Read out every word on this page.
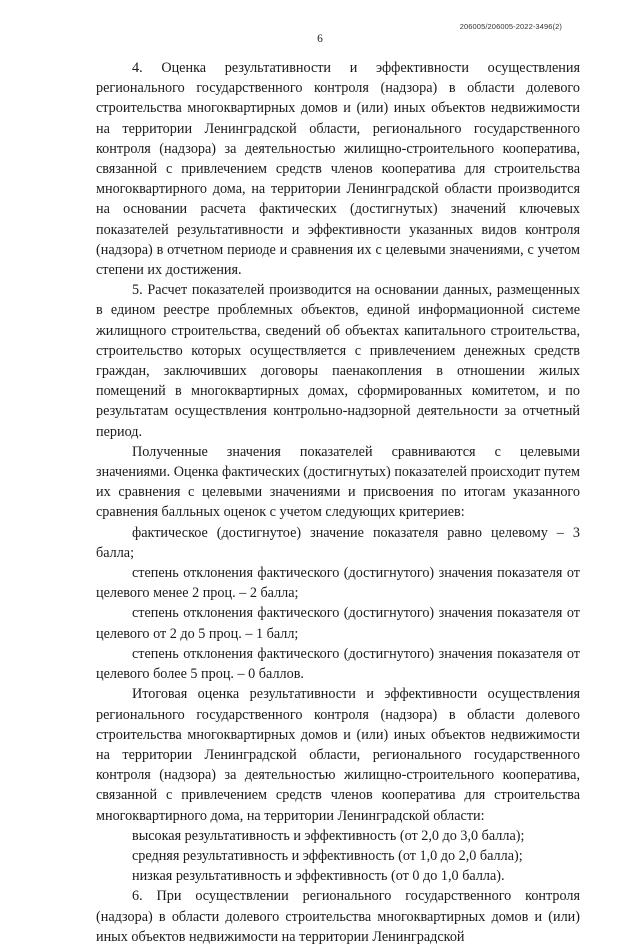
206005/206005-2022-3496(2)
6

4. Оценка результативности и эффективности осуществления регионального государственного контроля (надзора) в области долевого строительства многоквартирных домов и (или) иных объектов недвижимости на территории Ленинградской области, регионального государственного контроля (надзора) за деятельностью жилищно-строительного кооператива, связанной с привлечением средств членов кооператива для строительства многоквартирного дома, на территории Ленинградской области производится на основании расчета фактических (достигнутых) значений ключевых показателей результативности и эффективности указанных видов контроля (надзора) в отчетном периоде и сравнения их с целевыми значениями, с учетом степени их достижения.

5. Расчет показателей производится на основании данных, размещенных в едином реестре проблемных объектов, единой информационной системе жилищного строительства, сведений об объектах капитального строительства, строительство которых осуществляется с привлечением денежных средств граждан, заключивших договоры паенакопления в отношении жилых помещений в многоквартирных домах, сформированных комитетом, и по результатам осуществления контрольно-надзорной деятельности за отчетный период.

Полученные значения показателей сравниваются с целевыми значениями. Оценка фактических (достигнутых) показателей происходит путем их сравнения с целевыми значениями и присвоения по итогам указанного сравнения балльных оценок с учетом следующих критериев:

фактическое (достигнутое) значение показателя равно целевому – 3 балла;

степень отклонения фактического (достигнутого) значения показателя от целевого менее 2 проц. – 2 балла;

степень отклонения фактического (достигнутого) значения показателя от целевого от 2 до 5 проц. – 1 балл;

степень отклонения фактического (достигнутого) значения показателя от целевого более 5 проц. – 0 баллов.

Итоговая оценка результативности и эффективности осуществления регионального государственного контроля (надзора) в области долевого строительства многоквартирных домов и (или) иных объектов недвижимости на территории Ленинградской области, регионального государственного контроля (надзора) за деятельностью жилищно-строительного кооператива, связанной с привлечением средств членов кооператива для строительства многоквартирного дома, на территории Ленинградской области:

высокая результативность и эффективность (от 2,0 до 3,0 балла);

средняя результативность и эффективность (от 1,0 до 2,0 балла);

низкая результативность и эффективность (от 0 до 1,0 балла).

6. При осуществлении регионального государственного контроля (надзора) в области долевого строительства многоквартирных домов и (или) иных объектов недвижимости на территории Ленинградской
